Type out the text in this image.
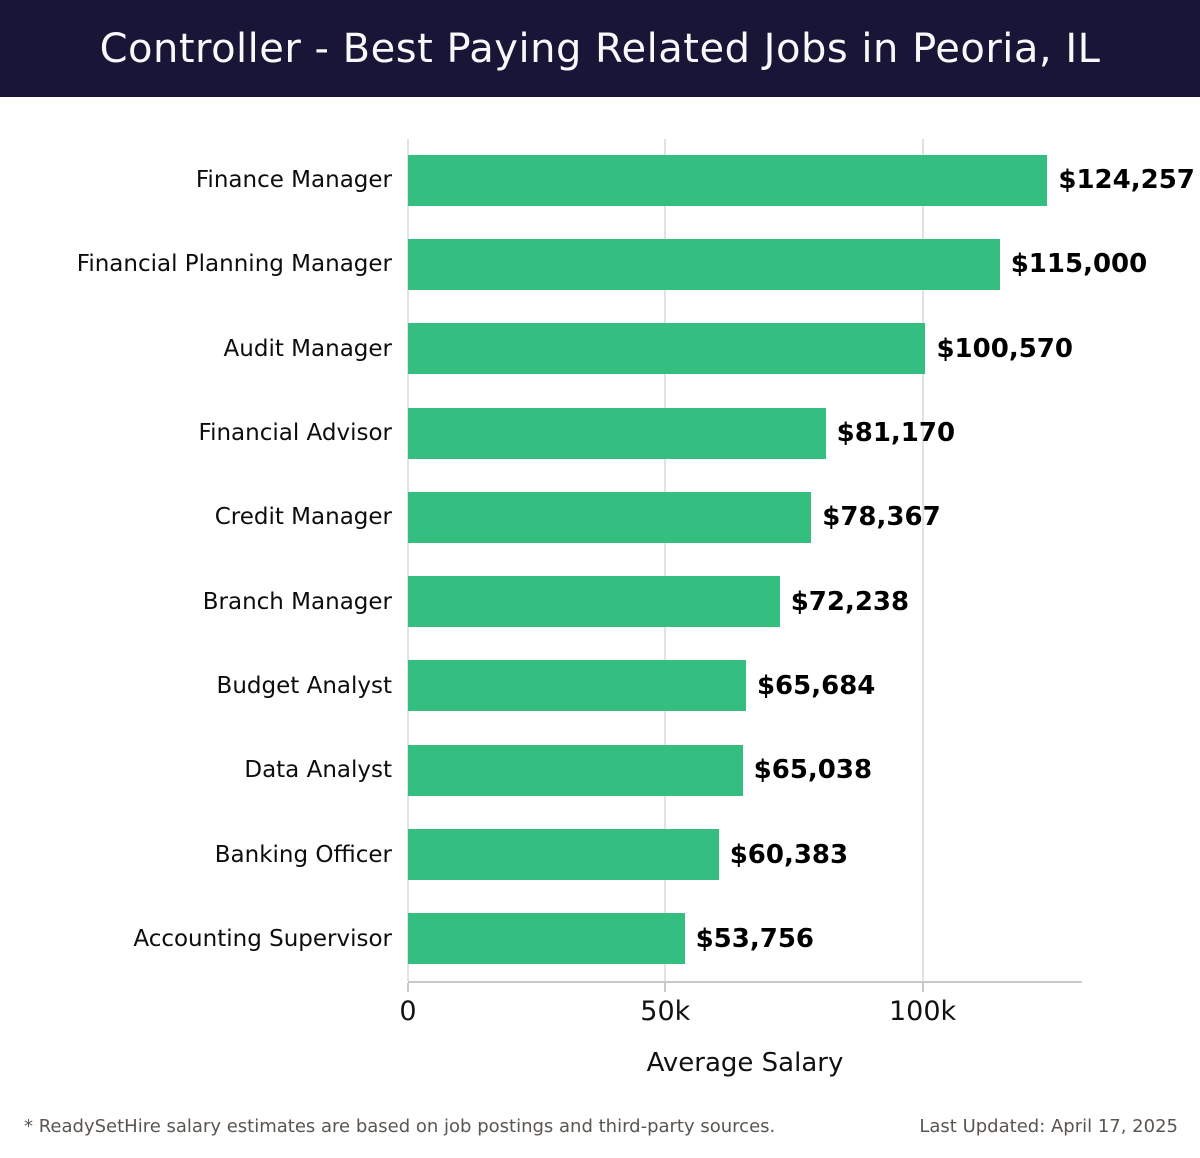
Controller - Best Paying Related Jobs in Peoria, IL
Finance Manager	$124,257
Financial Planning Manager	$115,000
Audit Manager	$100,570
Financial Advisor	$81,170
Credit Manager	$78,367
Branch Manager	$72,238
Budget Analyst	$65,684
Data Analyst	$65,038
Banking Officer	$60,383
Accounting Supervisor	$53,756
0	50k	100k
Average Salary
* ReadySetHire salary estimates are based on job postings and third-party sources.	Last Updated: April 17, 2025
